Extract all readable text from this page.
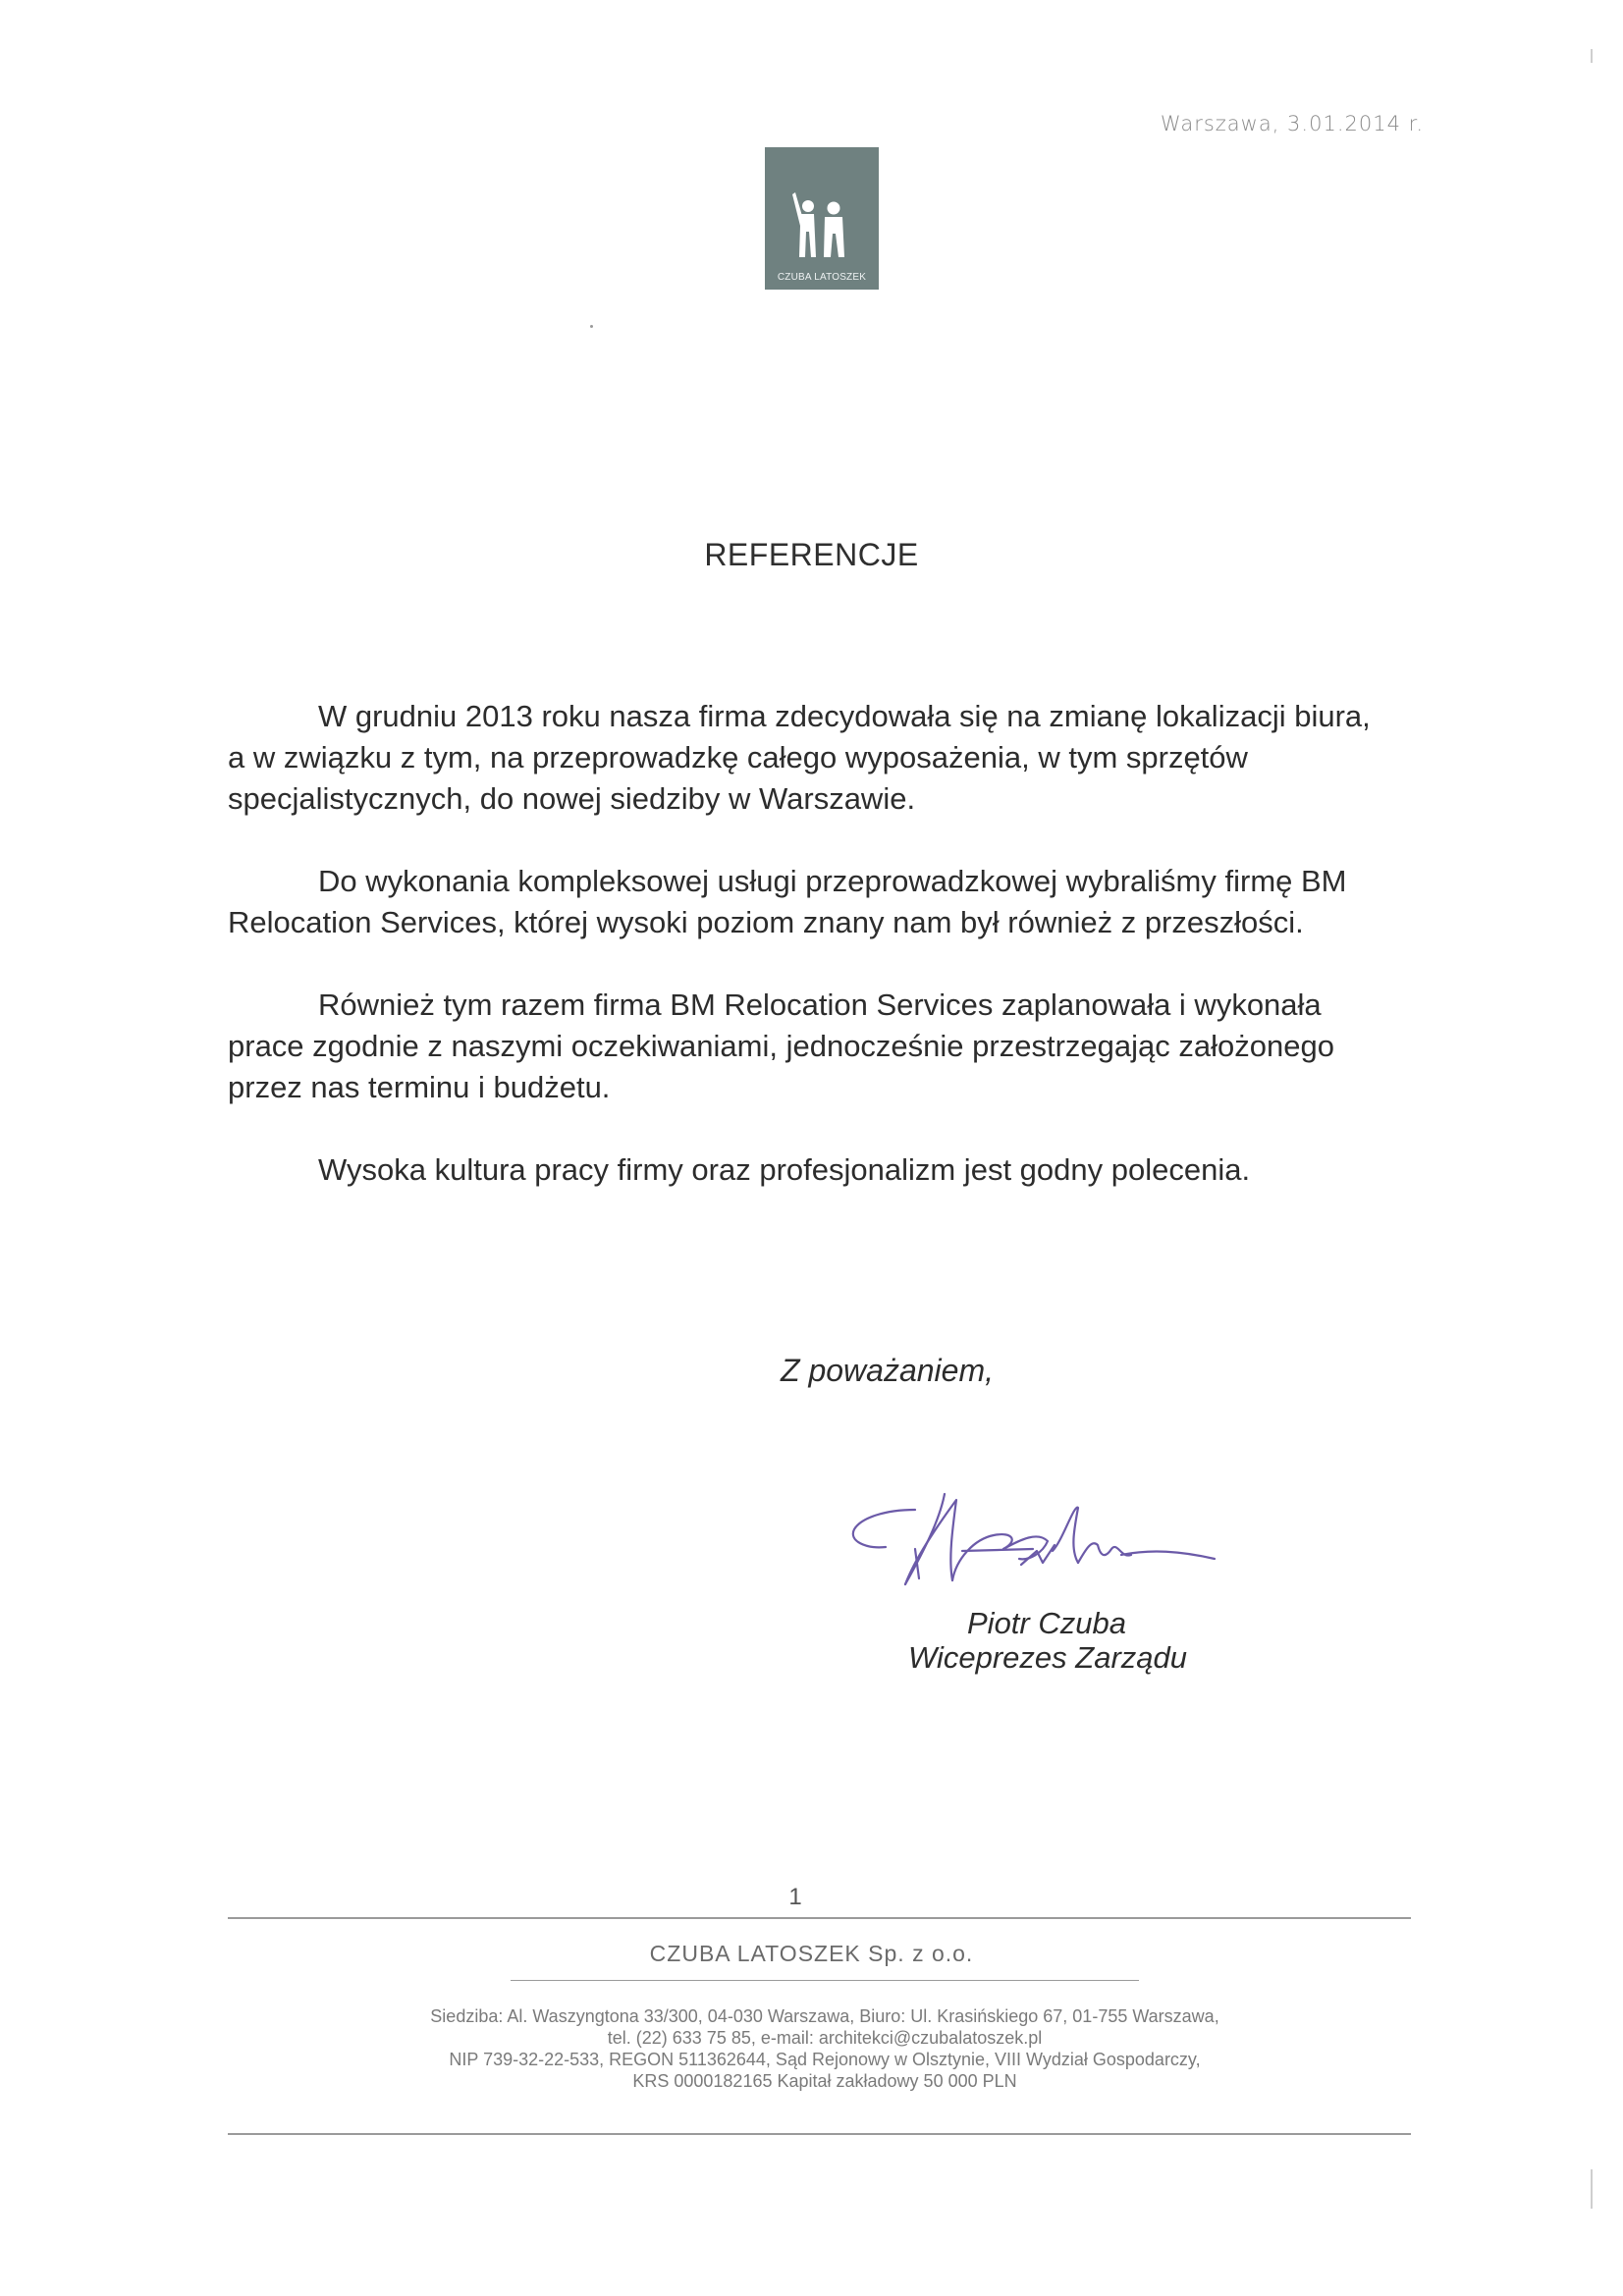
Warszawa, 3.01.2014 r.
CZUBA LATOSZEK
REFERENCJE

W grudniu 2013 roku nasza firma zdecydowała się na zmianę lokalizacji biura,
a w związku z tym, na przeprowadzkę całego wyposażenia, w tym sprzętów
specjalistycznych, do nowej siedziby w Warszawie.

Do wykonania kompleksowej usługi przeprowadzkowej wybraliśmy firmę BM
Relocation Services, której wysoki poziom znany nam był również z przeszłości.

Również tym razem firma BM Relocation Services zaplanowała i wykonała
prace zgodnie z naszymi oczekiwaniami, jednocześnie przestrzegając założonego
przez nas terminu i budżetu.

Wysoka kultura pracy firmy oraz profesjonalizm jest godny polecenia.

Z poważaniem,
Piotr Czuba
Wiceprezes Zarządu
1
CZUBA LATOSZEK Sp. z o.o.
Siedziba: Al. Waszyngtona 33/300, 04-030 Warszawa, Biuro: Ul. Krasińskiego 67, 01-755 Warszawa,
tel. (22) 633 75 85, e-mail: architekci@czubalatoszek.pl
NIP 739-32-22-533, REGON 511362644, Sąd Rejonowy w Olsztynie, VIII Wydział Gospodarczy,
KRS 0000182165 Kapitał zakładowy 50 000 PLN
